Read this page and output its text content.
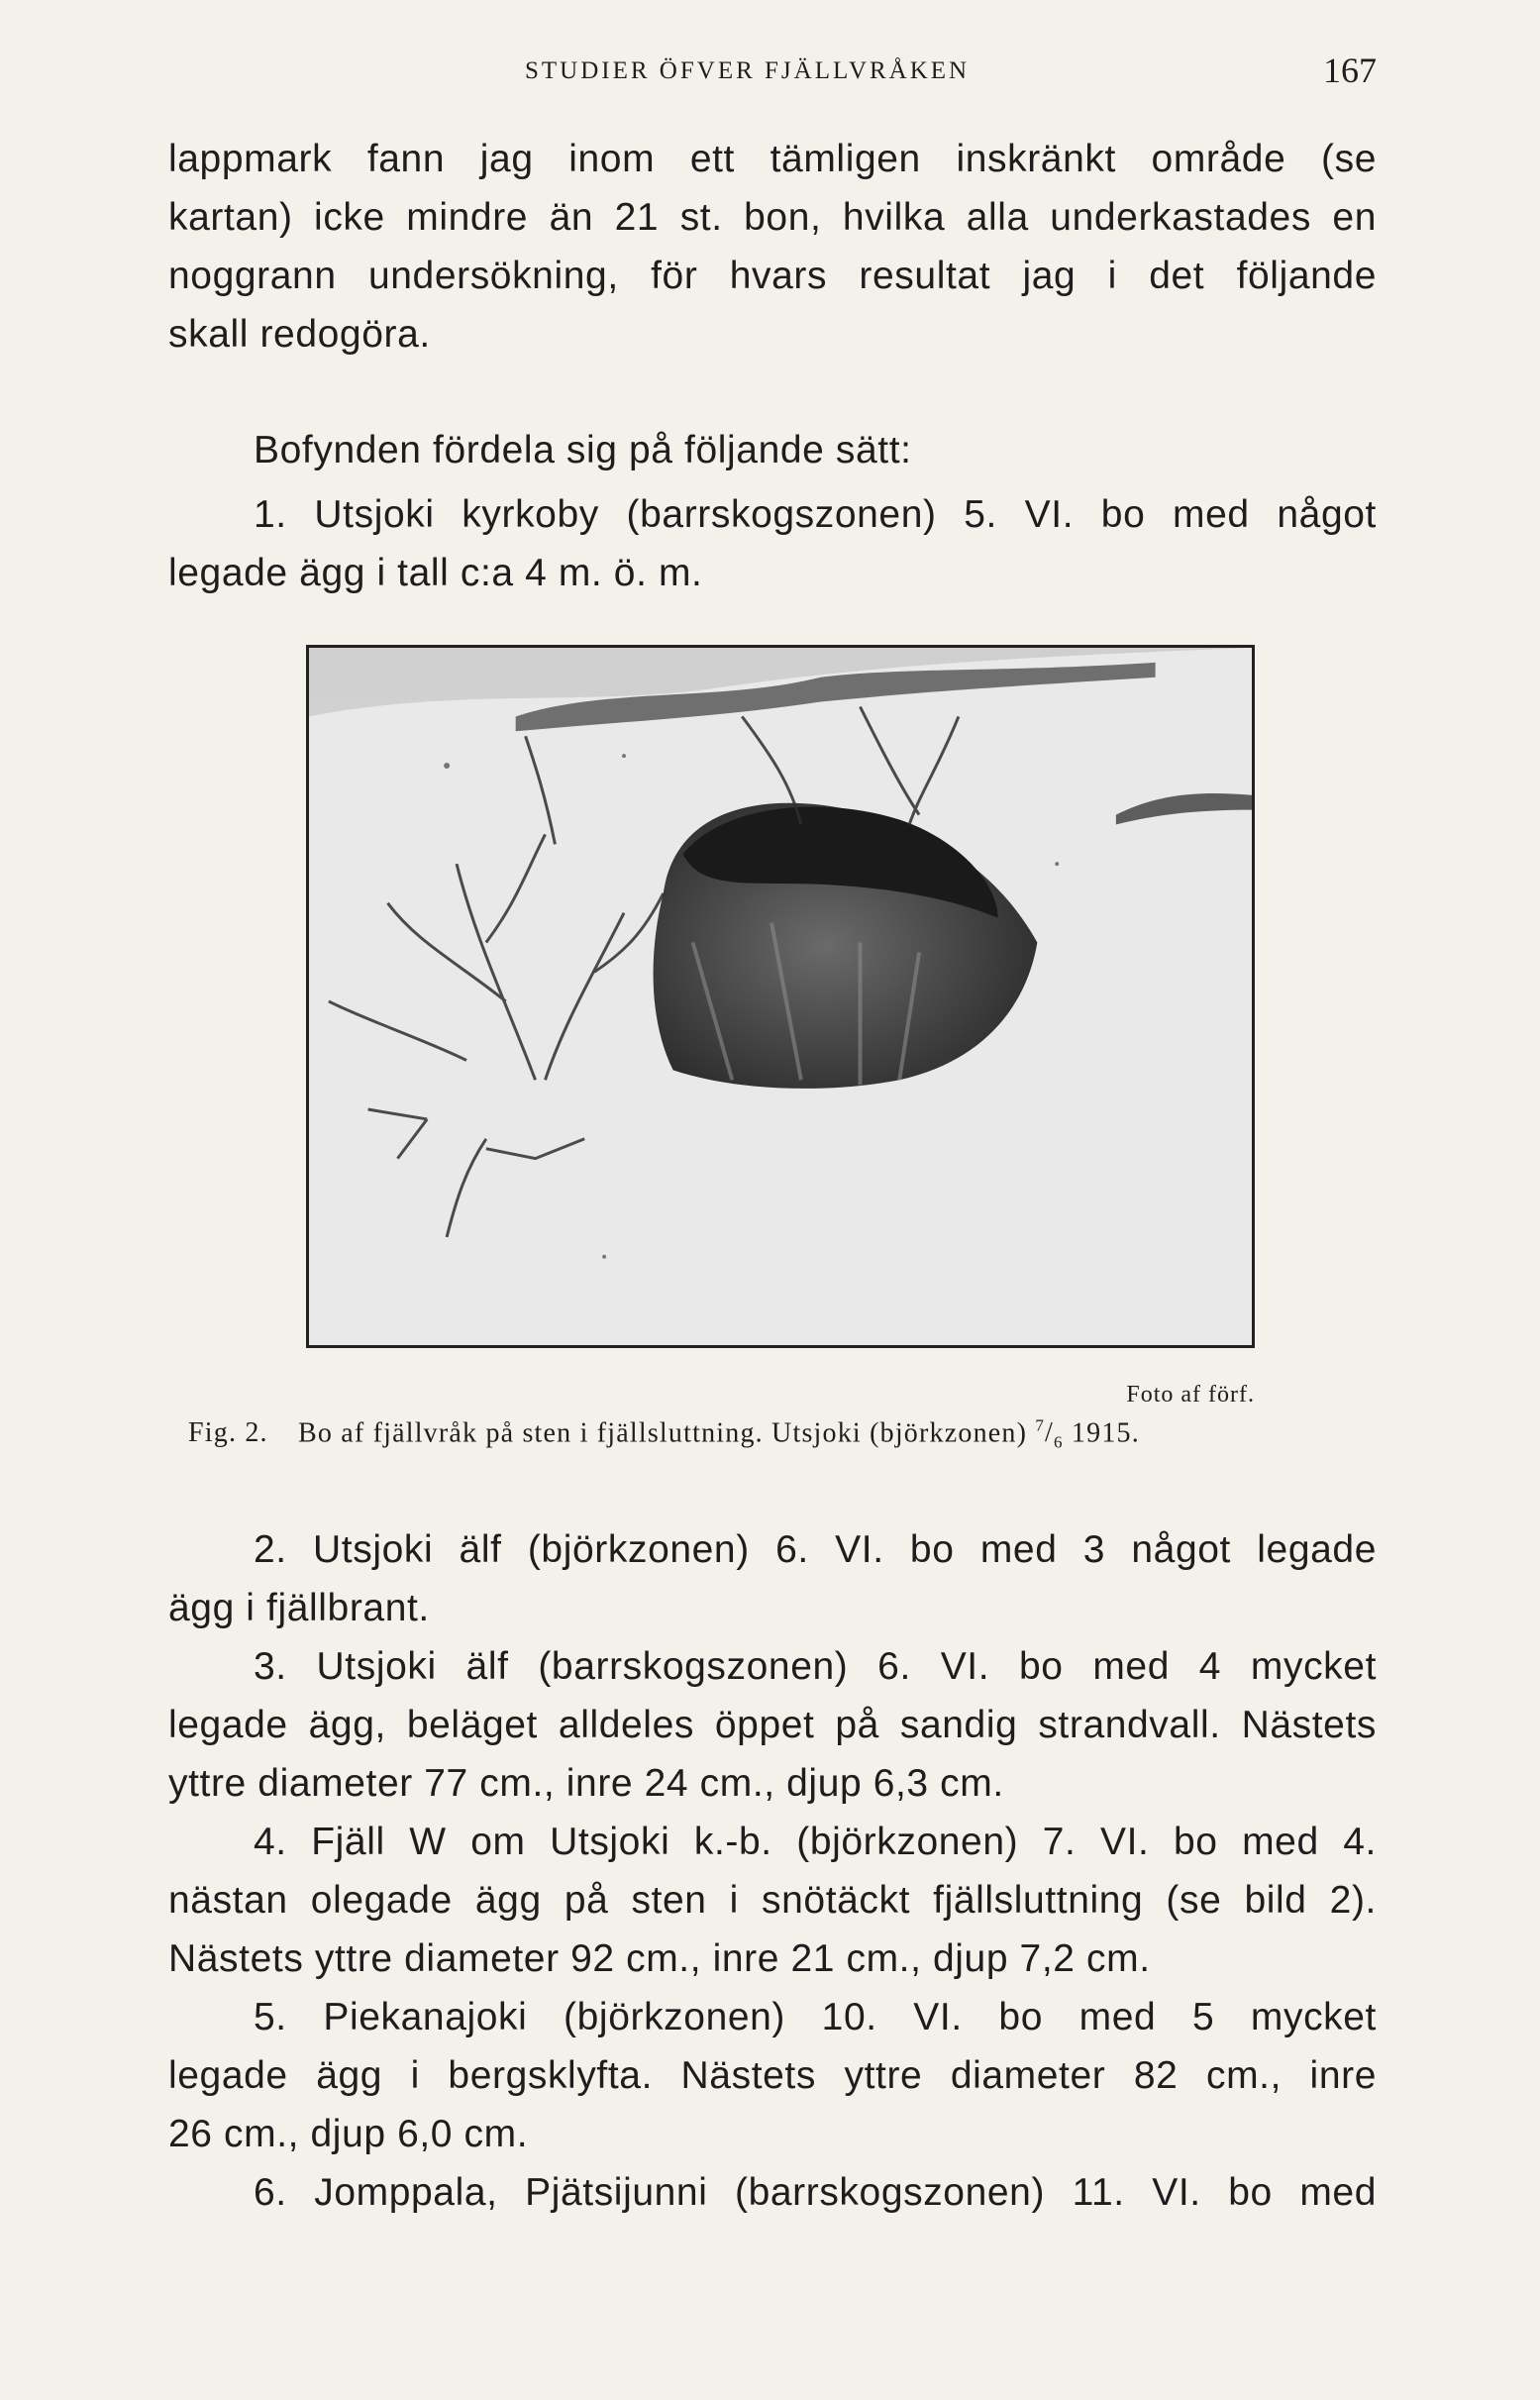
STUDIER ÖFVER FJÄLLVRÅKEN	167

lappmark fann jag inom ett tämligen inskränkt område (se

kartan) icke mindre än 21 st. bon, hvilka alla underkastades en

noggrann undersökning, för hvars resultat jag i det följande

skall redogöra.

Bofynden fördela sig på följande sätt:

1. Utsjoki kyrkoby (barrskogszonen) 5. VI. bo med något

legade ägg i tall c:a 4 m. ö. m.

Foto af förf.
Fig. 2. Bo af fjällvråk på sten i fjällsluttning. Utsjoki (björkzonen) $^7/_6$ 1915.

2. Utsjoki älf (björkzonen) 6. VI. bo med 3 något legade

ägg i fjällbrant.

3. Utsjoki älf (barrskogszonen) 6. VI. bo med 4 mycket

legade ägg, beläget alldeles öppet på sandig strandvall. Nästets

yttre diameter 77 cm., inre 24 cm., djup 6,3 cm.

4. Fjäll W om Utsjoki k.-b. (björkzonen) 7. VI. bo med 4.

nästan olegade ägg på sten i snötäckt fjällsluttning (se bild 2).

Nästets yttre diameter 92 cm., inre 21 cm., djup 7,2 cm.

5. Piekanajoki (björkzonen) 10. VI. bo med 5 mycket

legade ägg i bergsklyfta. Nästets yttre diameter 82 cm., inre

26 cm., djup 6,0 cm.

6. Jomppala, Pjätsijunni (barrskogszonen) 11. VI. bo med
